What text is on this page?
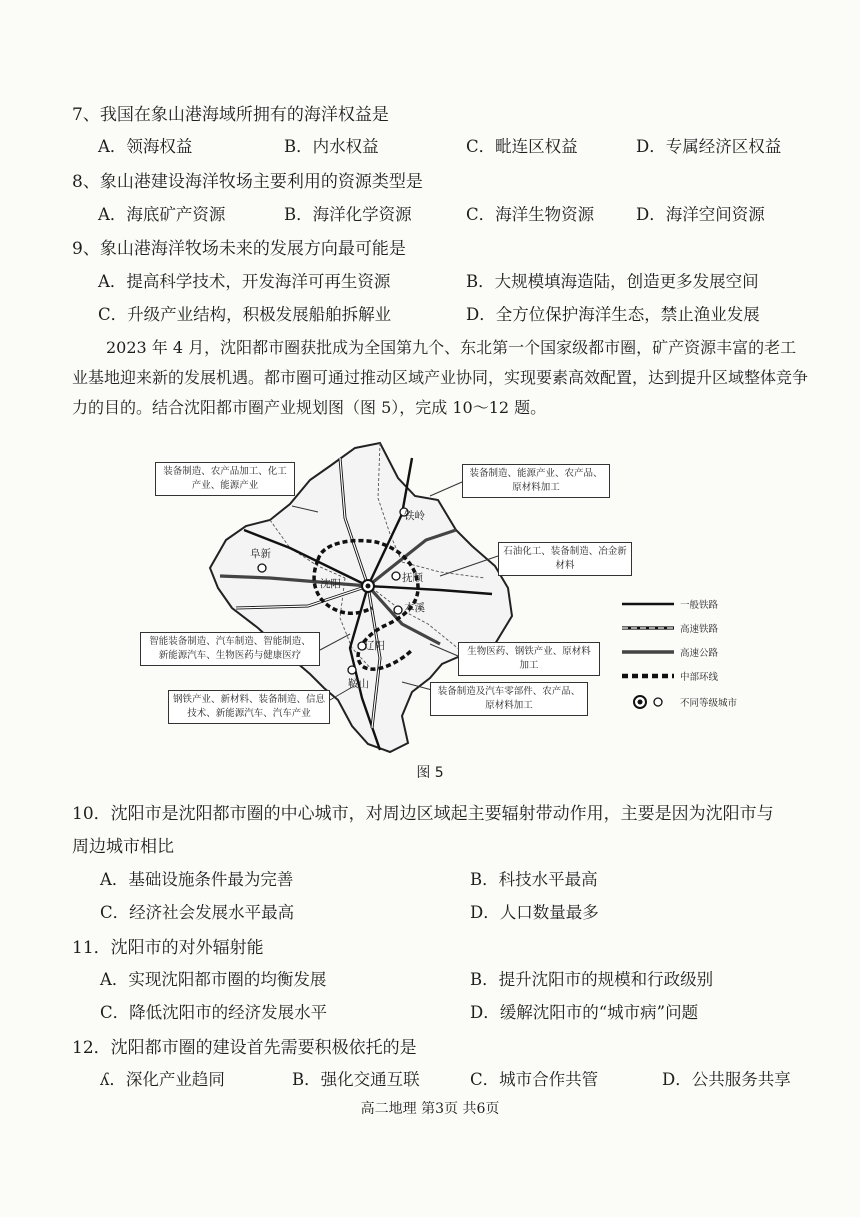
7、我国在象山港海域所拥有的海洋权益是
A．领海权益	B．内水权益	C．毗连区权益	D．专属经济区权益
8、象山港建设海洋牧场主要利用的资源类型是
A．海底矿产资源	B．海洋化学资源	C．海洋生物资源	D．海洋空间资源
9、象山港海洋牧场未来的发展方向最可能是
A．提高科学技术，开发海洋可再生资源	B．大规模填海造陆，创造更多发展空间
C．升级产业结构，积极发展船舶拆解业	D．全方位保护海洋生态，禁止渔业发展
2023 年 4 月，沈阳都市圈获批成为全国第九个、东北第一个国家级都市圈，矿产资源丰富的老工业基地迎来新的发展机遇。都市圈可通过推动区域产业协同，实现要素高效配置，达到提升区域整体竞争力的目的。结合沈阳都市圈产业规划图（图 5），完成 10～12 题。
装备制造、农产品加工、化工产业、能源产业
装备制造、能源产业、农产品、原材料加工
石油化工、装备制造、冶金新材料
智能装备制造、汽车制造、智能制造、新能源汽车、生物医药与健康医疗	生物医药、钢铁产业、原材料加工
钢铁产业、新材料、装备制造、信息技术、新能源汽车、汽车产业
装备制造及汽车零部件、农产品、原材料加工
铁岭
阜新
沈阳	抚顺
本溪
辽阳
鞍山
一般铁路
高速铁路
高速公路
中部环线
不同等级城市
图 5
10．沈阳市是沈阳都市圈的中心城市，对周边区域起主要辐射带动作用，主要是因为沈阳市与
周边城市相比
A．基础设施条件最为完善	B．科技水平最高
C．经济社会发展水平最高	D．人口数量最多
11．沈阳市的对外辐射能
A．实现沈阳都市圈的均衡发展	B．提升沈阳市的规模和行政级别
C．降低沈阳市的经济发展水平	D．缓解沈阳市的“城市病”问题
12．沈阳都市圈的建设首先需要积极依托的是
ʎ．深化产业趋同	B．强化交通互联	C．城市合作共管	D．公共服务共享
高二地理 第3页 共6页
